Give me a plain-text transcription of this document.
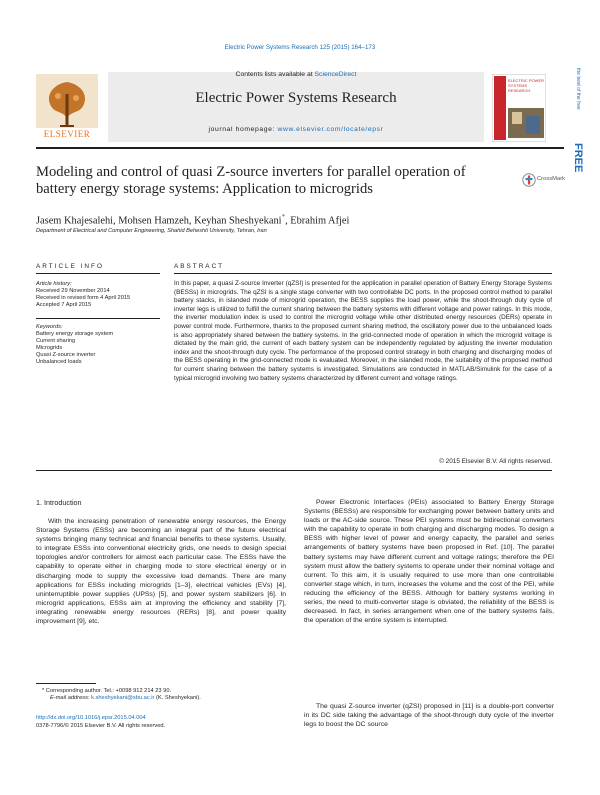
Electric Power Systems Research 125 (2015) 164–173
Contents lists available at ScienceDirect
Electric Power Systems Research
journal homepage: www.elsevier.com/locate/epsr
ELSEVIER
ELECTRIC POWER SYSTEMS RESEARCH
FREE
the best of the free
Modeling and control of quasi Z-source inverters for parallel operation of battery energy storage systems: Application to microgrids
CrossMark
Jasem Khajesalehi, Mohsen Hamzeh, Keyhan Sheshyekani*, Ebrahim Afjei
Department of Electrical and Computer Engineering, Shahid Beheshti University, Tehran, Iran
ARTICLE INFO	ABSTRACT
Article history:
Received 29 November 2014
Received in revised form 4 April 2015
Accepted 7 April 2015
Keywords:
Battery energy storage system
Current sharing
Microgrids
Quasi Z-source inverter
Unbalanced loads
In this paper, a quasi Z-source Inverter (qZSI) is presented for the application in parallel operation of Battery Energy Storage Systems (BESSs) in microgrids. The qZSI is a single stage converter with two controllable DC ports. In the proposed control method to parallel battery stacks, in islanded mode of microgrid operation, the BESS supplies the load power, while the shoot-through duty cycle of inverter legs is utilized to fulfill the current sharing between the battery systems with different voltage and power ratings. In this mode, the inverter modulation index is used to control the microgrid voltage while other distributed energy resources (DERs) operate in power control mode. Furthermore, thanks to the proposed current sharing method, the oscillatory power due to the unbalanced loads is also appropriately shared between the battery systems. In the grid-connected mode of operation in which the microgrid voltage is dictated by the main grid, the current of each battery system can be independently regulated by adjusting the inverter modulation index and the shoot-through duty cycle. The performance of the proposed control strategy in both charging and discharging modes of the BESS operating in the grid-connected mode is evaluated. Moreover, in the islanded mode, the suitability of the proposed method for current sharing between the battery systems is investigated. Simulations are conducted in MATLAB/Simulink for the case of a typical microgrid involving two battery systems characterized by different current and voltage ratings.
© 2015 Elsevier B.V. All rights reserved.
1. Introduction
With the increasing penetration of renewable energy resources, the Energy Storage Systems (ESSs) are becoming an integral part of the future electrical systems bringing many technical and financial benefits to these systems. Usually, to integrate ESSs into conventional electricity grids, one needs to design special topologies and/or controllers for almost each particular case. The ESSs have the capability to operate either in charging mode to store electrical energy or in discharging mode to supply the excessive load demands. There are many applications for ESSs including microgrids [1–3], electrical vehicles (EVs) [4], uninterruptible power supplies (UPSs) [5], and power system stabilizers [6]. In microgrid applications, ESSs aim at improving the efficiency and stability [7], integrating renewable energy resources (RERs) [8], and power quality improvement [9], etc.
Power Electronic Interfaces (PEIs) associated to Battery Energy Storage Systems (BESSs) are responsible for exchanging power between battery units and loads or the AC-side source. These PEI systems must be bidirectional converters with the capability to operate in both charging and discharging modes. To design a BESS with higher level of power and energy capacity, the parallel and series arrangements of battery systems have been proposed in Ref. [10]. The parallel battery systems may have different current and voltage ratings; therefore the PEI system must allow the battery systems to operate under their nominal voltage and current. To this aim, it is usually required to use more than one controllable converter stage which, in turn, increases the volume and the cost of the PEI, while reducing the efficiency of the BESS. Although for battery systems working in series, the need to multi-converter stage is obviated, the reliability of the BESS is decreased. In fact, in series arrangement when one of the battery systems fails, the operation of the entire system is interrupted.
The quasi Z-source inverter (qZSI) proposed in [11] is a double-port converter in its DC side taking the advantage of the shoot-through duty cycle of the inverter legs to boost the DC source
* Corresponding author. Tel.: +0098 912 214 23 90.
E-mail address: k.sheshyekani@sbu.ac.ir (K. Sheshyekani).
http://dx.doi.org/10.1016/j.epsr.2015.04.004
0378-7796/© 2015 Elsevier B.V. All rights reserved.
